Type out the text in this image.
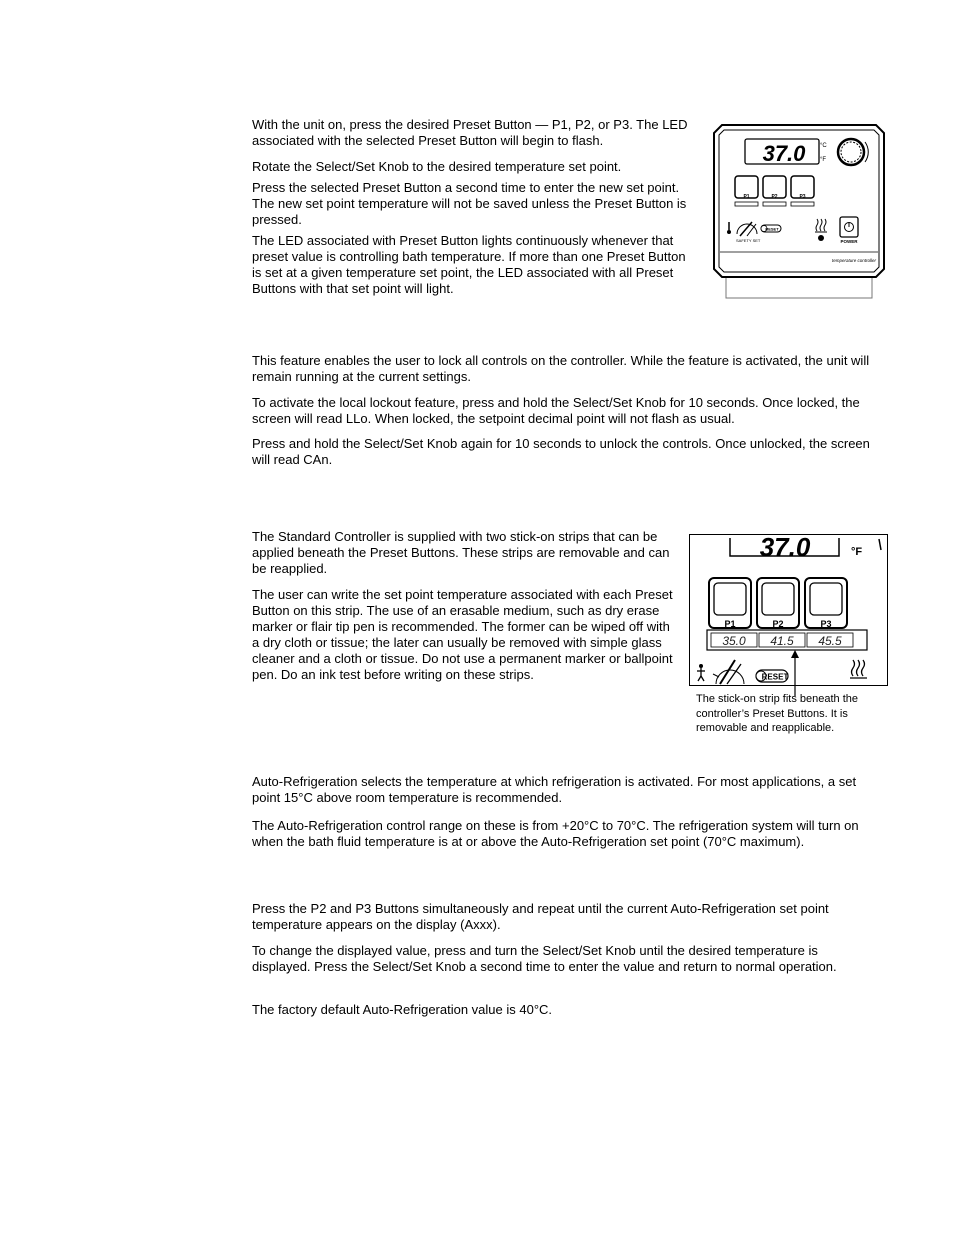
With the unit on, press the desired Preset Button — P1, P2, or P3. The LED associated with the selected Preset Button will begin to flash.

Rotate the Select/Set Knob to the desired temperature set point.

Press the selected Preset Button a second time to enter the new set point. The new set point temperature will not be saved unless the Preset Button is pressed.

The LED associated with Preset Button lights continuously whenever that preset value is controlling bath temperature. If more than one Preset Button is set at a given temperature set point, the LED associated with all Preset Buttons with that set point will light.

37.0 °C
°F
P1	P2	P3
SAFETY SET
RESET
POWER
temperature controller

This feature enables the user to lock all controls on the controller. While the feature is activated, the unit will remain running at the current settings.

To activate the local lockout feature, press and hold the Select/Set Knob for 10 seconds. Once locked, the screen will read LLo. When locked, the setpoint decimal point will not flash as usual.

Press and hold the Select/Set Knob again for 10 seconds to unlock the controls. Once unlocked, the screen will read CAn.

The Standard Controller is supplied with two stick-on strips that can be applied beneath the Preset Buttons. These strips are removable and can be reapplied.

The user can write the set point temperature associated with each Preset Button on this strip. The use of an erasable medium, such as dry erase marker or flair tip pen is recommended. The former can be wiped off with a dry cloth or tissue; the later can usually be removed with simple glass cleaner and a cloth or tissue. Do not use a permanent marker or ballpoint pen. Do an ink test before writing on these strips.

37.0	°F
P1	P2	P3
35.0 41.5 45.5
RESET
The stick-on strip fits beneath the controller’s Preset Buttons. It is removable and reapplicable.

Auto-Refrigeration selects the temperature at which refrigeration is activated. For most applications, a set point 15°C above room temperature is recommended.

The Auto-Refrigeration control range on these is from +20°C to 70°C. The refrigeration system will turn on when the bath fluid temperature is at or above the Auto-Refrigeration set point (70°C maximum).

Press the P2 and P3 Buttons simultaneously and repeat until the current Auto-Refrigeration set point temperature appears on the display (Axxx).

To change the displayed value, press and turn the Select/Set Knob until the desired temperature is displayed. Press the Select/Set Knob a second time to enter the value and return to normal operation.

The factory default Auto-Refrigeration value is 40°C.
